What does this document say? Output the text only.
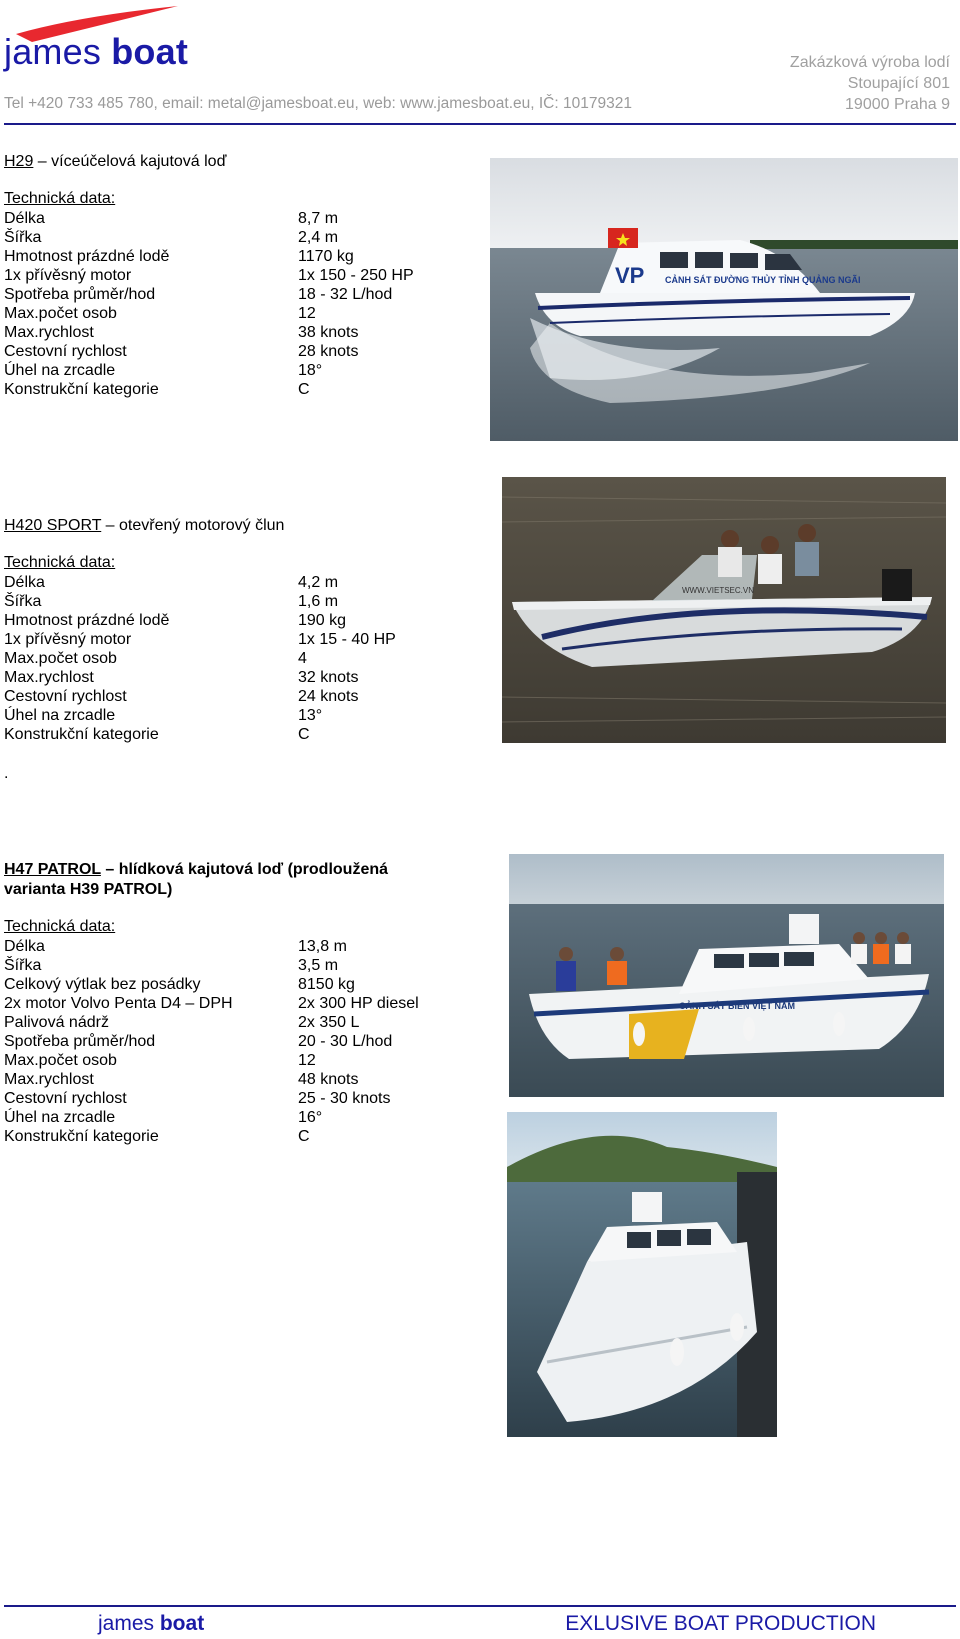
james boat
Tel +420 733 485 780, email: metal@jamesboat.eu, web: www.jamesboat.eu, IČ: 10179321
Zakázková výroba lodí
Stoupající 801
19000 Praha 9
H29 – víceúčelová kajutová loď
Technická data:
Délka	8,7 m
Šířka	2,4 m
Hmotnost prázdné lodě	1170 kg
1x přívěsný motor	1x 150 - 250 HP
Spotřeba průměr/hod	18 - 32 L/hod
Max.počet osob	12
Max.rychlost	38 knots
Cestovní rychlost	28 knots
Úhel na zrcadle	18°
Konstrukční kategorie	C
VP CẢNH SÁT ĐƯỜNG THỦY TỈNH QUẢNG NGÃI
H420 SPORT – otevřený motorový člun
Technická data:
Délka	4,2 m
Šířka	1,6 m
Hmotnost prázdné lodě	190 kg
1x přívěsný motor	1x 15 - 40 HP
Max.počet osob	4
Max.rychlost	32 knots
Cestovní rychlost	24 knots
Úhel na zrcadle	13°
Konstrukční kategorie	C
.
WWW.VIETSEC.VN
H47 PATROL – hlídková kajutová loď (prodloužená
varianta H39 PATROL)
Technická data:
Délka	13,8 m
Šířka	3,5 m
Celkový výtlak bez posádky	8150 kg
2x motor Volvo Penta D4 – DPH	2x 300 HP diesel
Palivová nádrž	2x 350 L
Spotřeba průměr/hod	20 - 30 L/hod
Max.počet osob	12
Max.rychlost	48 knots
Cestovní rychlost	25 - 30 knots
Úhel na zrcadle	16°
Konstrukční kategorie	C
CẢNH SÁT BIỂN VIỆT NAM
james boat	EXLUSIVE BOAT PRODUCTION
